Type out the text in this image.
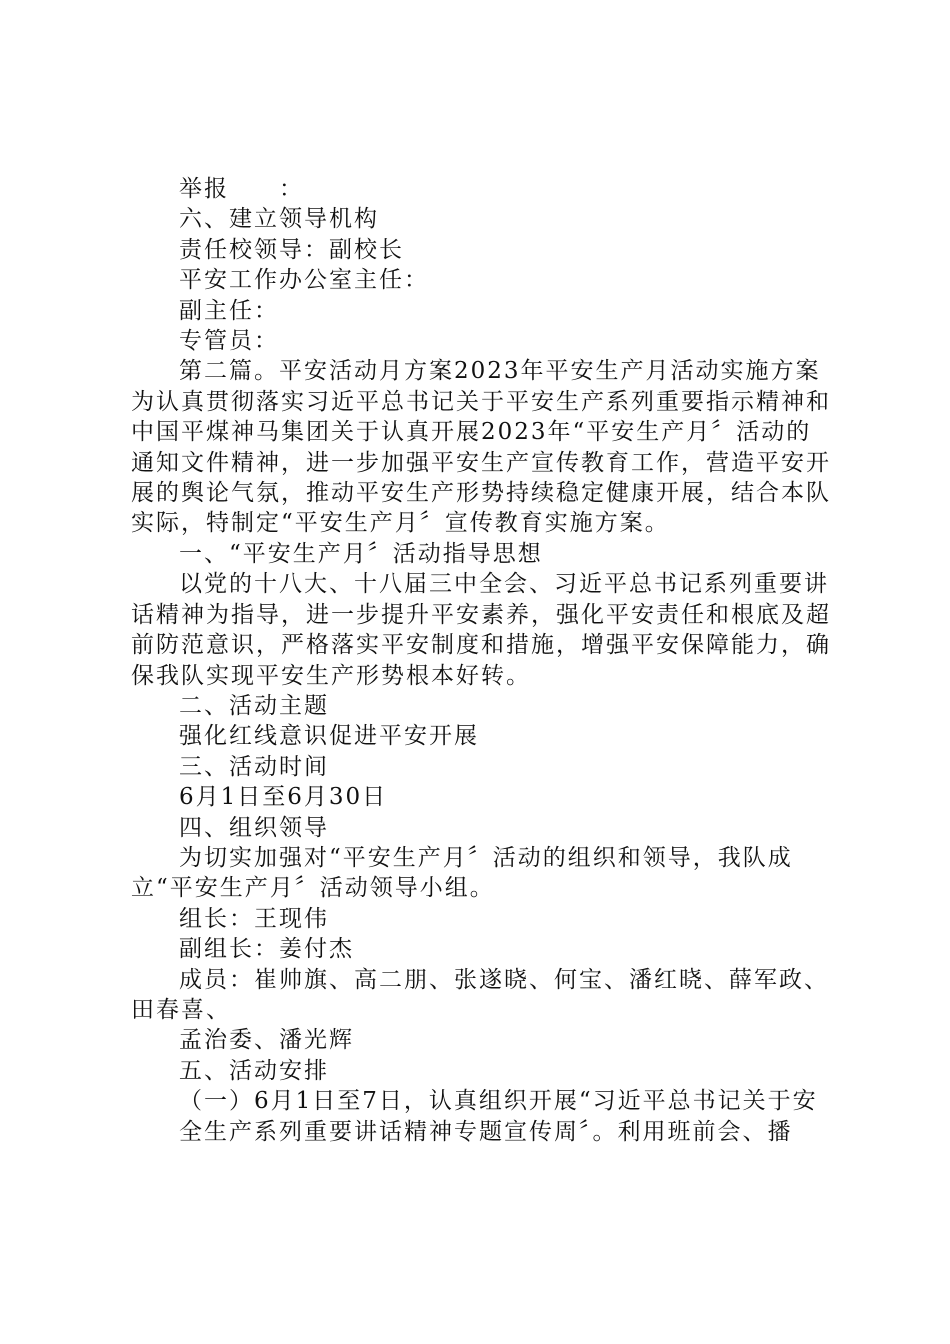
举报　　：

六、建立领导机构

责任校领导：副校长

平安工作办公室主任：

副主任：

专管员：

第二篇。平安活动月方案2023年平安生产月活动实施方案为认真贯彻落实习近平总书记关于平安生产系列重要指示精神和中国平煤神马集团关于认真开展2023年“平安生产月〞活动的通知文件精神，进一步加强平安生产宣传教育工作，营造平安开展的舆论气氛，推动平安生产形势持续稳定健康开展，结合本队实际，特制定“平安生产月〞宣传教育实施方案。

一、“平安生产月〞活动指导思想

以党的十八大、十八届三中全会、习近平总书记系列重要讲话精神为指导，进一步提升平安素养，强化平安责任和根底及超前防范意识，严格落实平安制度和措施，增强平安保障能力，确保我队实现平安生产形势根本好转。

二、活动主题

强化红线意识促进平安开展

三、活动时间

6月1日至6月30日

四、组织领导

为切实加强对“平安生产月〞活动的组织和领导，我队成立“平安生产月〞活动领导小组。

组长：王现伟

副组长：姜付杰

成员：崔帅旗、高二朋、张遂晓、何宝、潘红晓、薛军政、田春喜、

孟治委、潘光辉

五、活动安排

（一）6月1日至7日，认真组织开展“习近平总书记关于安

全生产系列重要讲话精神专题宣传周〞。利用班前会、播
